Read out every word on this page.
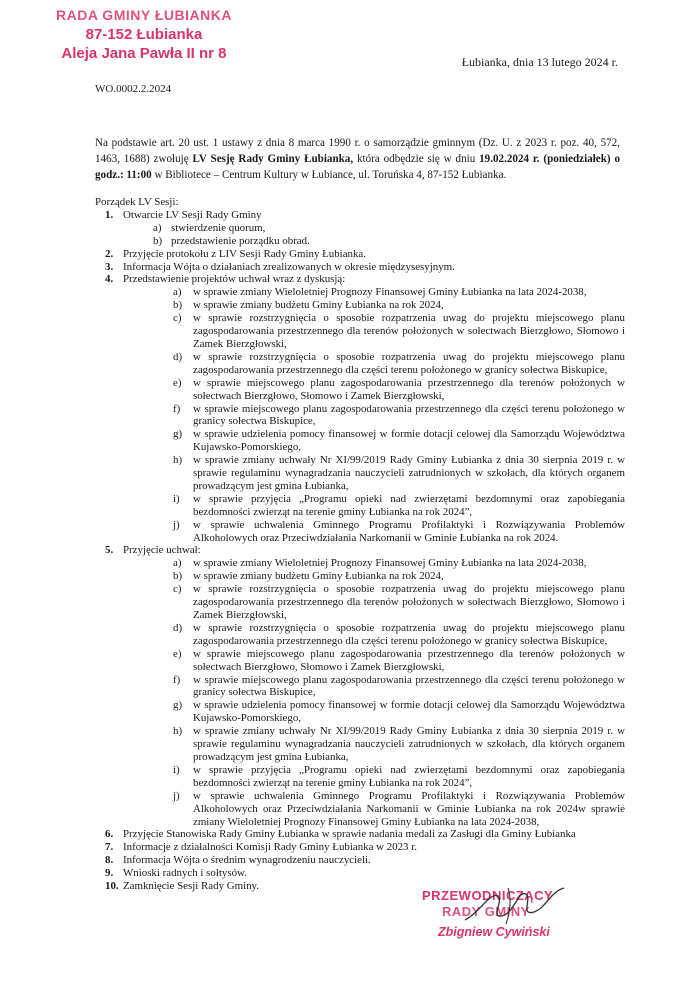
RADA GMINY ŁUBIANKA
87-152 Łubianka
Aleja Jana Pawła II nr 8	Łubianka, dnia 13 lutego 2024 r.
WO.0002.2.2024
Na podstawie art. 20 ust. 1 ustawy z dnia 8 marca 1990 r. o samorządzie gminnym (Dz. U. z 2023 r. poz. 40, 572, 1463, 1688) zwołuję LV Sesję Rady Gminy Łubianka, która odbędzie się w dniu 19.02.2024 r. (poniedziałek) o godz.: 11:00 w Bibliotece – Centrum Kultury w Łubiance, ul. Toruńska 4, 87-152 Łubianka.
Porządek LV Sesji:
1. Otwarcie LV Sesji Rady Gminy
a) stwierdzenie quorum,
b) przedstawienie porządku obrad.
2. Przyjęcie protokołu z LIV Sesji Rady Gminy Łubianka.
3. Informacja Wójta o działaniach zrealizowanych w okresie międzysesyjnym.
4. Przedstawienie projektów uchwał wraz z dyskusją:
a) w sprawie zmiany Wieloletniej Prognozy Finansowej Gminy Łubianka na lata 2024-2038,
b) w sprawie zmiany budżetu Gminy Łubianka na rok 2024,
c) w sprawie rozstrzygnięcia o sposobie rozpatrzenia uwag do projektu miejscowego planu zagospodarowania przestrzennego dla terenów położonych w sołectwach Bierzgłowo, Słomowo i Zamek Bierzgłowski,
d) w sprawie rozstrzygnięcia o sposobie rozpatrzenia uwag do projektu miejscowego planu zagospodarowania przestrzennego dla części terenu położonego w granicy sołectwa Biskupice,
e) w sprawie miejscowego planu zagospodarowania przestrzennego dla terenów położonych w sołectwach Bierzgłowo, Słomowo i Zamek Bierzgłowski,
f) w sprawie miejscowego planu zagospodarowania przestrzennego dla części terenu położonego w granicy sołectwa Biskupice,
g) w sprawie udzielenia pomocy finansowej w formie dotacji celowej dla Samorządu Województwa Kujawsko-Pomorskiego,
h) w sprawie zmiany uchwały Nr XI/99/2019 Rady Gminy Łubianka z dnia 30 sierpnia 2019 r. w sprawie regulaminu wynagradzania nauczycieli zatrudnionych w szkołach, dla których organem prowadzącym jest gmina Łubianka,
i) w sprawie przyjęcia „Programu opieki nad zwierzętami bezdomnymi oraz zapobiegania bezdomności zwierząt na terenie gminy Łubianka na rok 2024”,
j) w sprawie uchwalenia Gminnego Programu Profilaktyki i Rozwiązywania Problemów Alkoholowych oraz Przeciwdziałania Narkomanii w Gminie Łubianka na rok 2024.
5. Przyjęcie uchwał:
a) w sprawie zmiany Wieloletniej Prognozy Finansowej Gminy Łubianka na lata 2024-2038,
b) w sprawie zmiany budżetu Gminy Łubianka na rok 2024,
c) w sprawie rozstrzygnięcia o sposobie rozpatrzenia uwag do projektu miejscowego planu zagospodarowania przestrzennego dla terenów położonych w sołectwach Bierzgłowo, Słomowo i Zamek Bierzgłowski,
d) w sprawie rozstrzygnięcia o sposobie rozpatrzenia uwag do projektu miejscowego planu zagospodarowania przestrzennego dla części terenu położonego w granicy sołectwa Biskupice,
e) w sprawie miejscowego planu zagospodarowania przestrzennego dla terenów położonych w sołectwach Bierzgłowo, Słomowo i Zamek Bierzgłowski,
f) w sprawie miejscowego planu zagospodarowania przestrzennego dla części terenu położonego w granicy sołectwa Biskupice,
g) w sprawie udzielenia pomocy finansowej w formie dotacji celowej dla Samorządu Województwa Kujawsko-Pomorskiego,
h) w sprawie zmiany uchwały Nr XI/99/2019 Rady Gminy Łubianka z dnia 30 sierpnia 2019 r. w sprawie regulaminu wynagradzania nauczycieli zatrudnionych w szkołach, dla których organem prowadzącym jest gmina Łubianka,
i) w sprawie przyjęcia „Programu opieki nad zwierzętami bezdomnymi oraz zapobiegania bezdomności zwierząt na terenie gminy Łubianka na rok 2024”,
j) w sprawie uchwalenia Gminnego Programu Profilaktyki i Rozwiązywania Problemów Alkoholowych oraz Przeciwdziałania Narkomanii w Gminie Łubianka na rok 2024w sprawie zmiany Wieloletniej Prognozy Finansowej Gminy Łubianka na lata 2024-2038,
6. Przyjęcie Stanowiska Rady Gminy Łubianka w sprawie nadania medali za Zasługi dla Gminy Łubianka
7. Informacje z działalności Komisji Rady Gminy Łubianka w 2023 r.
8. Informacja Wójta o średnim wynagrodzeniu nauczycieli.
9. Wnioski radnych i sołtysów.
10. Zamknięcie Sesji Rady Gminy.
PRZEWODNICZĄCY
RADY GMINY
Zbigniew Cywiński
